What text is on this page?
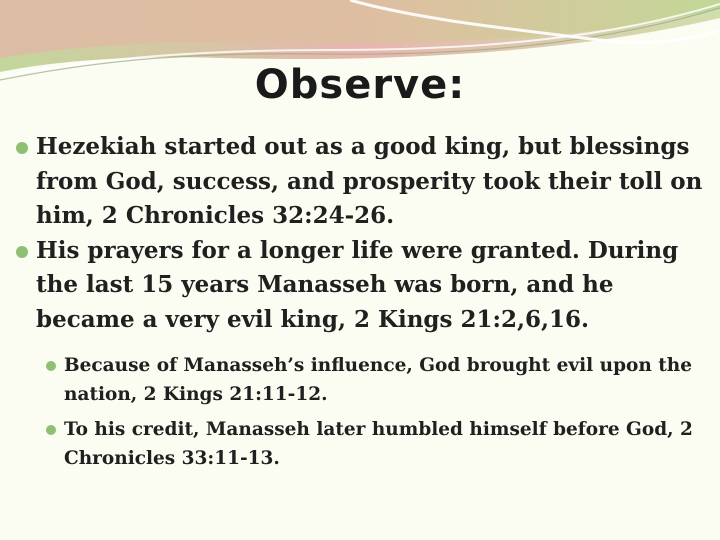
Observe:
Hezekiah started out as a good king, but blessings from God, success, and prosperity took their toll on him, 2 Chronicles 32:24-26.
His prayers for a longer life were granted. During the last 15 years Manasseh was born, and he became a very evil king, 2 Kings 21:2,6,16.
Because of Manasseh’s influence, God brought evil upon the nation, 2 Kings 21:11-12.
To his credit, Manasseh later humbled himself before God, 2 Chronicles 33:11-13.
